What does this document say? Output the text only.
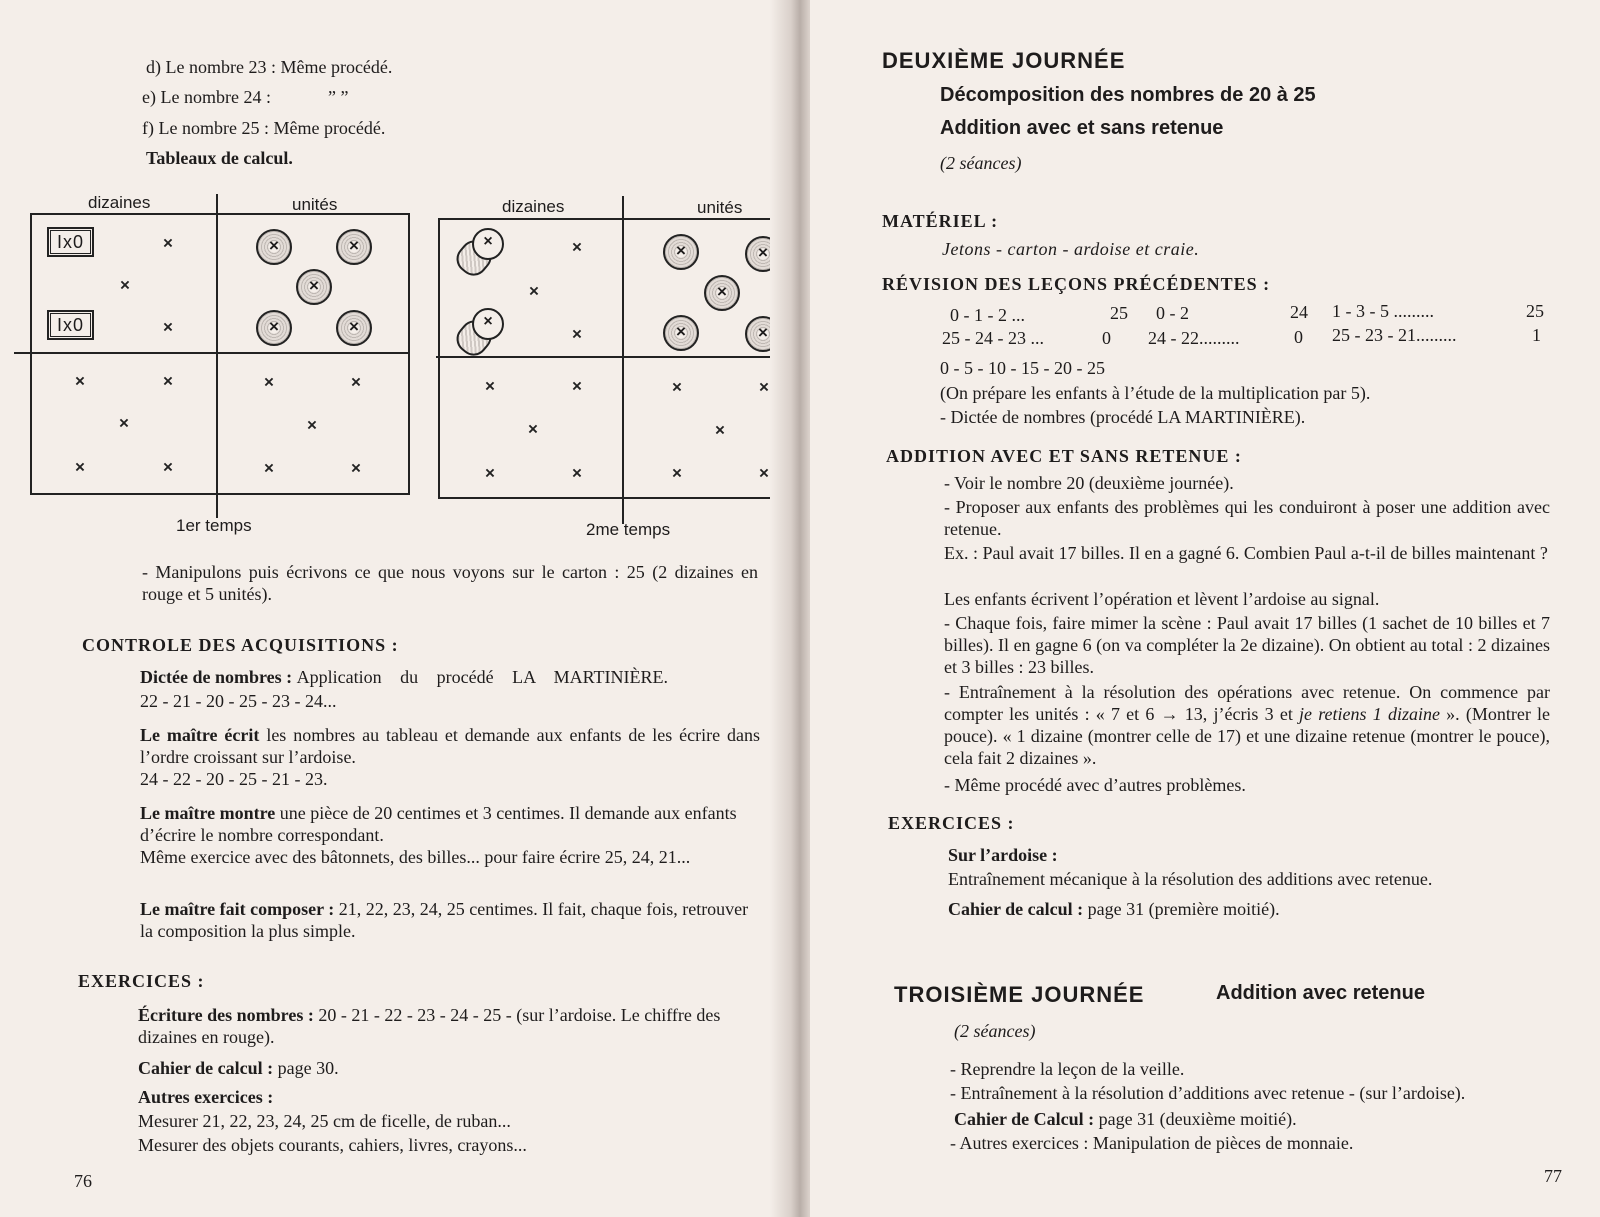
d) Le nombre 23 : Même procédé.
e) Le nombre 24 :	” ”
f) Le nombre 25 : Même procédé.
Tableaux de calcul.
dizaines	unités	dizaines	unités
Ix0
Ix0
×
×
×
×
×
×
×
×
×	×
×
×	×
×	×
×
×	×
×
×
×
×
×
×
×
×
×
×
×	×
×
×	×
×	×
×
×	×
1er temps	2me temps
- Manipulons puis écrivons ce que nous voyons sur le carton : 25 (2 dizaines en rouge et 5 unités).
CONTROLE DES ACQUISITIONS :
Dictée de nombres : Application du procédé LA MARTINIÈRE.
22 - 21 - 20 - 25 - 23 - 24...
Le maître écrit les nombres au tableau et demande aux enfants de les écrire dans l’ordre croissant sur l’ardoise.
24 - 22 - 20 - 25 - 21 - 23.
Le maître montre une pièce de 20 centimes et 3 centimes. Il demande aux enfants d’écrire le nombre correspondant.
Même exercice avec des bâtonnets, des billes... pour faire écrire 25, 24, 21...
Le maître fait composer : 21, 22, 23, 24, 25 centimes. Il fait, chaque fois, retrouver la composition la plus simple.
EXERCICES :
Écriture des nombres : 20 - 21 - 22 - 23 - 24 - 25 - (sur l’ardoise. Le chiffre des dizaines en rouge).
Cahier de calcul : page 30.
Autres exercices :
Mesurer 21, 22, 23, 24, 25 cm de ficelle, de ruban...
Mesurer des objets courants, cahiers, livres, crayons...
76
DEUXIÈME JOURNÉE
Décomposition des nombres de 20 à 25
Addition avec et sans retenue
(2 séances)
MATÉRIEL :
Jetons - carton - ardoise et craie.
RÉVISION DES LEÇONS PRÉCÉDENTES :
0 - 1 - 2 ...	25
25 - 24 - 23 ...	0
0 - 2	24
24 - 22.........	0
1 - 3 - 5 .........	25
25 - 23 - 21.........	1
0 - 5 - 10 - 15 - 20 - 25
(On prépare les enfants à l’étude de la multiplication par 5).
- Dictée de nombres (procédé LA MARTINIÈRE).
ADDITION AVEC ET SANS RETENUE :
- Voir le nombre 20 (deuxième journée).
- Proposer aux enfants des problèmes qui les conduiront à poser une addition avec retenue.
Ex. : Paul avait 17 billes. Il en a gagné 6. Combien Paul a-t-il de billes maintenant ?
Les enfants écrivent l’opération et lèvent l’ardoise au signal.
- Chaque fois, faire mimer la scène : Paul avait 17 billes (1 sachet de 10 billes et 7 billes). Il en gagne 6 (on va compléter la 2e dizaine). On obtient au total : 2 dizaines et 3 billes : 23 billes.
- Entraînement à la résolution des opérations avec retenue. On commence par compter les unités : « 7 et 6 → 13, j’écris 3 et je retiens 1 dizaine ». (Montrer le pouce). « 1 dizaine (montrer celle de 17) et une dizaine retenue (montrer le pouce), cela fait 2 dizaines ».
- Même procédé avec d’autres problèmes.
EXERCICES :
Sur l’ardoise :
Entraînement mécanique à la résolution des additions avec retenue.
Cahier de calcul : page 31 (première moitié).
TROISIÈME JOURNÉE	Addition avec retenue
(2 séances)
- Reprendre la leçon de la veille.
- Entraînement à la résolution d’additions avec retenue - (sur l’ardoise).
Cahier de Calcul : page 31 (deuxième moitié).
- Autres exercices : Manipulation de pièces de monnaie.
77
